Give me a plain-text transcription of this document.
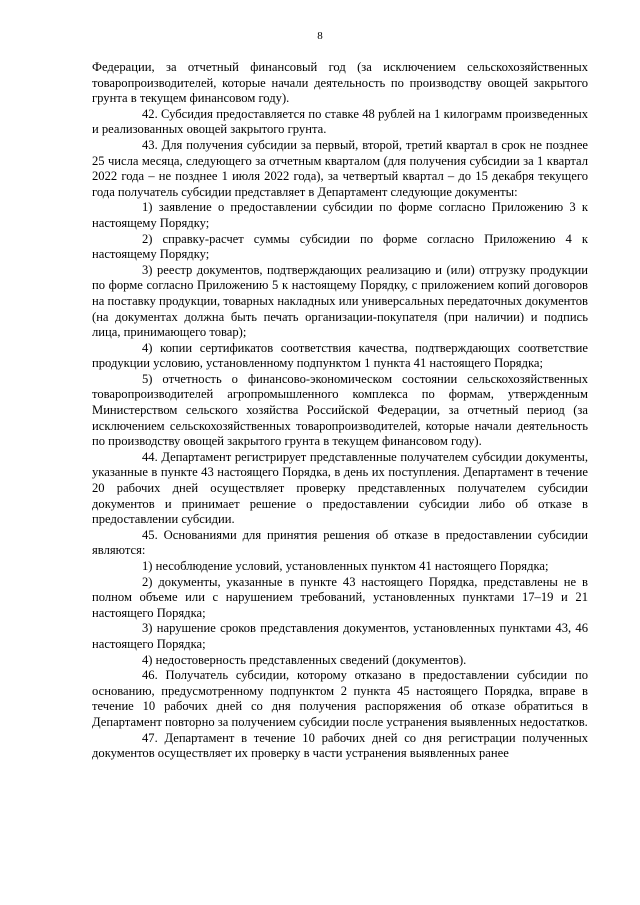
8

Федерации, за отчетный финансовый год (за исключением сельскохозяйственных товаропроизводителей, которые начали деятельность по производству овощей закрытого грунта в текущем финансовом году).

42. Субсидия предоставляется по ставке 48 рублей на 1 килограмм произведенных и реализованных овощей закрытого грунта.

43. Для получения субсидии за первый, второй, третий квартал в срок не позднее 25 числа месяца, следующего за отчетным кварталом (для получения субсидии за 1 квартал 2022 года – не позднее 1 июля 2022 года), за четвертый квартал – до 15 декабря текущего года получатель субсидии представляет в Департамент следующие документы:

1) заявление о предоставлении субсидии по форме согласно Приложению 3 к настоящему Порядку;

2) справку-расчет суммы субсидии по форме согласно Приложению 4 к настоящему Порядку;

3) реестр документов, подтверждающих реализацию и (или) отгрузку продукции по форме согласно Приложению 5 к настоящему Порядку, с приложением копий договоров на поставку продукции, товарных накладных или универсальных передаточных документов (на документах должна быть печать организации-покупателя (при наличии) и подпись лица, принимающего товар);

4) копии сертификатов соответствия качества, подтверждающих соответствие продукции условию, установленному подпунктом 1 пункта 41 настоящего Порядка;

5) отчетность о финансово-экономическом состоянии сельскохозяйственных товаропроизводителей агропромышленного комплекса по формам, утвержденным Министерством сельского хозяйства Российской Федерации, за отчетный период (за исключением сельскохозяйственных товаропроизводителей, которые начали деятельность по производству овощей закрытого грунта в текущем финансовом году).

44. Департамент регистрирует представленные получателем субсидии документы, указанные в пункте 43 настоящего Порядка, в день их поступления. Департамент в течение 20 рабочих дней осуществляет проверку представленных получателем субсидии документов и принимает решение о предоставлении субсидии либо об отказе в предоставлении субсидии.

45. Основаниями для принятия решения об отказе в предоставлении субсидии являются:

1) несоблюдение условий, установленных пунктом 41 настоящего Порядка;

2) документы, указанные в пункте 43 настоящего Порядка, представлены не в полном объеме или с нарушением требований, установленных пунктами 17–19 и 21 настоящего Порядка;

3) нарушение сроков представления документов, установленных пунктами 43, 46 настоящего Порядка;

4) недостоверность представленных сведений (документов).

46. Получатель субсидии, которому отказано в предоставлении субсидии по основанию, предусмотренному подпунктом 2 пункта 45 настоящего Порядка, вправе в течение 10 рабочих дней со дня получения распоряжения об отказе обратиться в Департамент повторно за получением субсидии после устранения выявленных недостатков.

47. Департамент в течение 10 рабочих дней со дня регистрации полученных документов осуществляет их проверку в части устранения выявленных ранее
